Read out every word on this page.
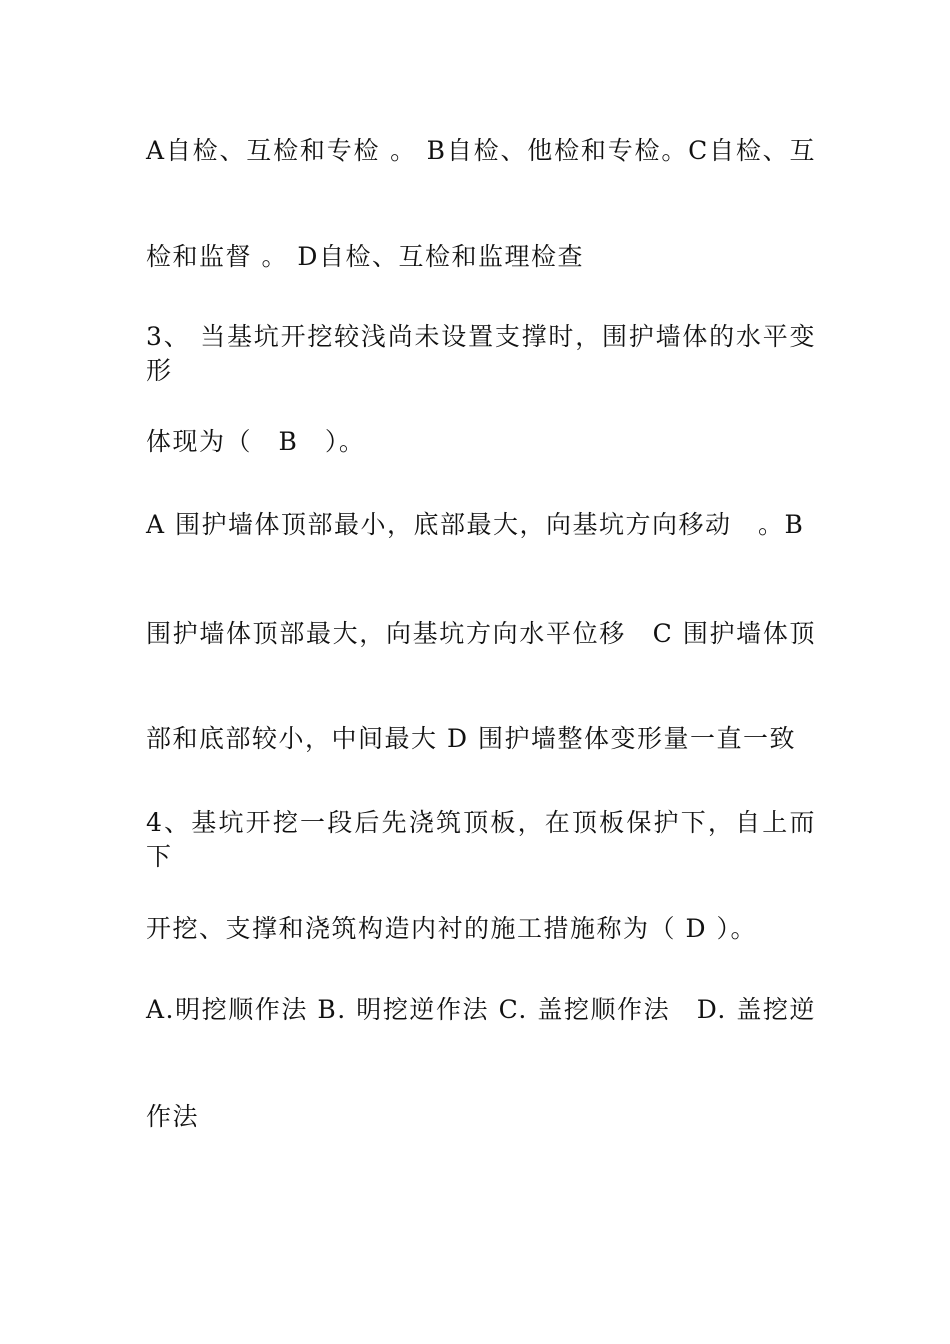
A自检、互检和专检 。 B自检、他检和专检。C自检、互
检和监督 。 D自检、互检和监理检查
3、 当基坑开挖较浅尚未设置支撑时，围护墙体的水平变形
体现为（　B　）。
A 围护墙体顶部最小，底部最大，向基坑方向移动　。B
围护墙体顶部最大，向基坑方向水平位移　C 围护墙体顶
部和底部较小，中间最大 D 围护墙整体变形量一直一致
4、基坑开挖一段后先浇筑顶板，在顶板保护下，自上而下
开挖、支撑和浇筑构造内衬的施工措施称为（ D ）。
A.明挖顺作法 B. 明挖逆作法 C. 盖挖顺作法　D. 盖挖逆
作法
